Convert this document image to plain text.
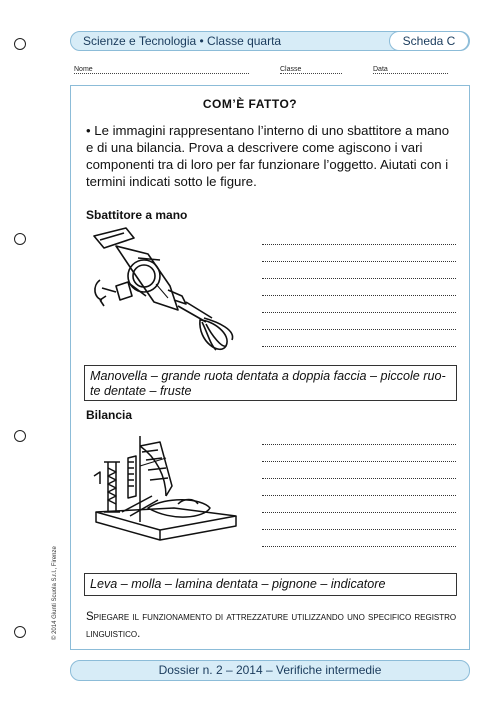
Scienze e Tecnologia • Classe quarta	Scheda C
Nome	Classe	Data
COM’È FATTO?
• Le immagini rappresentano l’interno di uno sbattitore a mano e di una bilancia. Prova a descrivere come agiscono i vari componenti tra di loro per far funzionare l’oggetto. Aiutati con i termini indicati sotto le figure.
Sbattitore a mano
Manovella – grande ruota dentata a doppia faccia – piccole ruo-te dentate – fruste
Bilancia
Leva – molla – lamina dentata – pignone – indicatore
Spiegare il funzionamento di attrezzature utilizzando uno specifico registro linguistico.
© 2014 Giunti Scuola S.r.l., Firenze
Dossier n. 2 – 2014 – Verifiche intermedie
